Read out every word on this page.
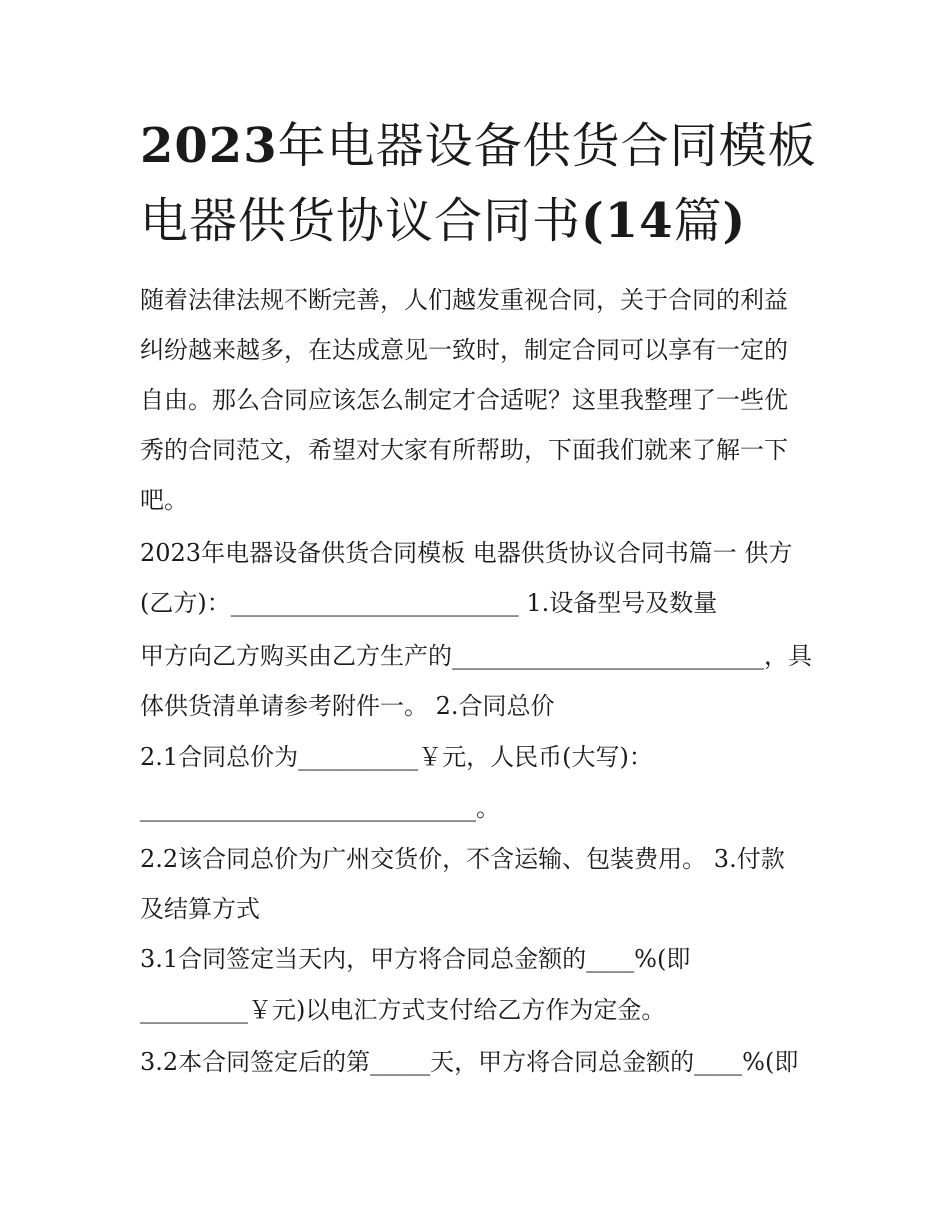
2023年电器设备供货合同模板
电器供货协议合同书(14篇)
随着法律法规不断完善，人们越发重视合同，关于合同的利益
纠纷越来越多，在达成意见一致时，制定合同可以享有一定的
自由。那么合同应该怎么制定才合适呢？这里我整理了一些优
秀的合同范文，希望对大家有所帮助，下面我们就来了解一下
吧。
2023年电器设备供货合同模板 电器供货协议合同书篇一 供方
(乙方)：________________________ 1.设备型号及数量
甲方向乙方购买由乙方生产的__________________________，具
体供货清单请参考附件一。 2.合同总价
2.1合同总价为__________￥元，人民币(大写)：
____________________________。
2.2该合同总价为广州交货价，不含运输、包装费用。 3.付款
及结算方式
3.1合同签定当天内，甲方将合同总金额的____%(即
_________￥元)以电汇方式支付给乙方作为定金。
3.2本合同签定后的第_____天，甲方将合同总金额的____%(即
